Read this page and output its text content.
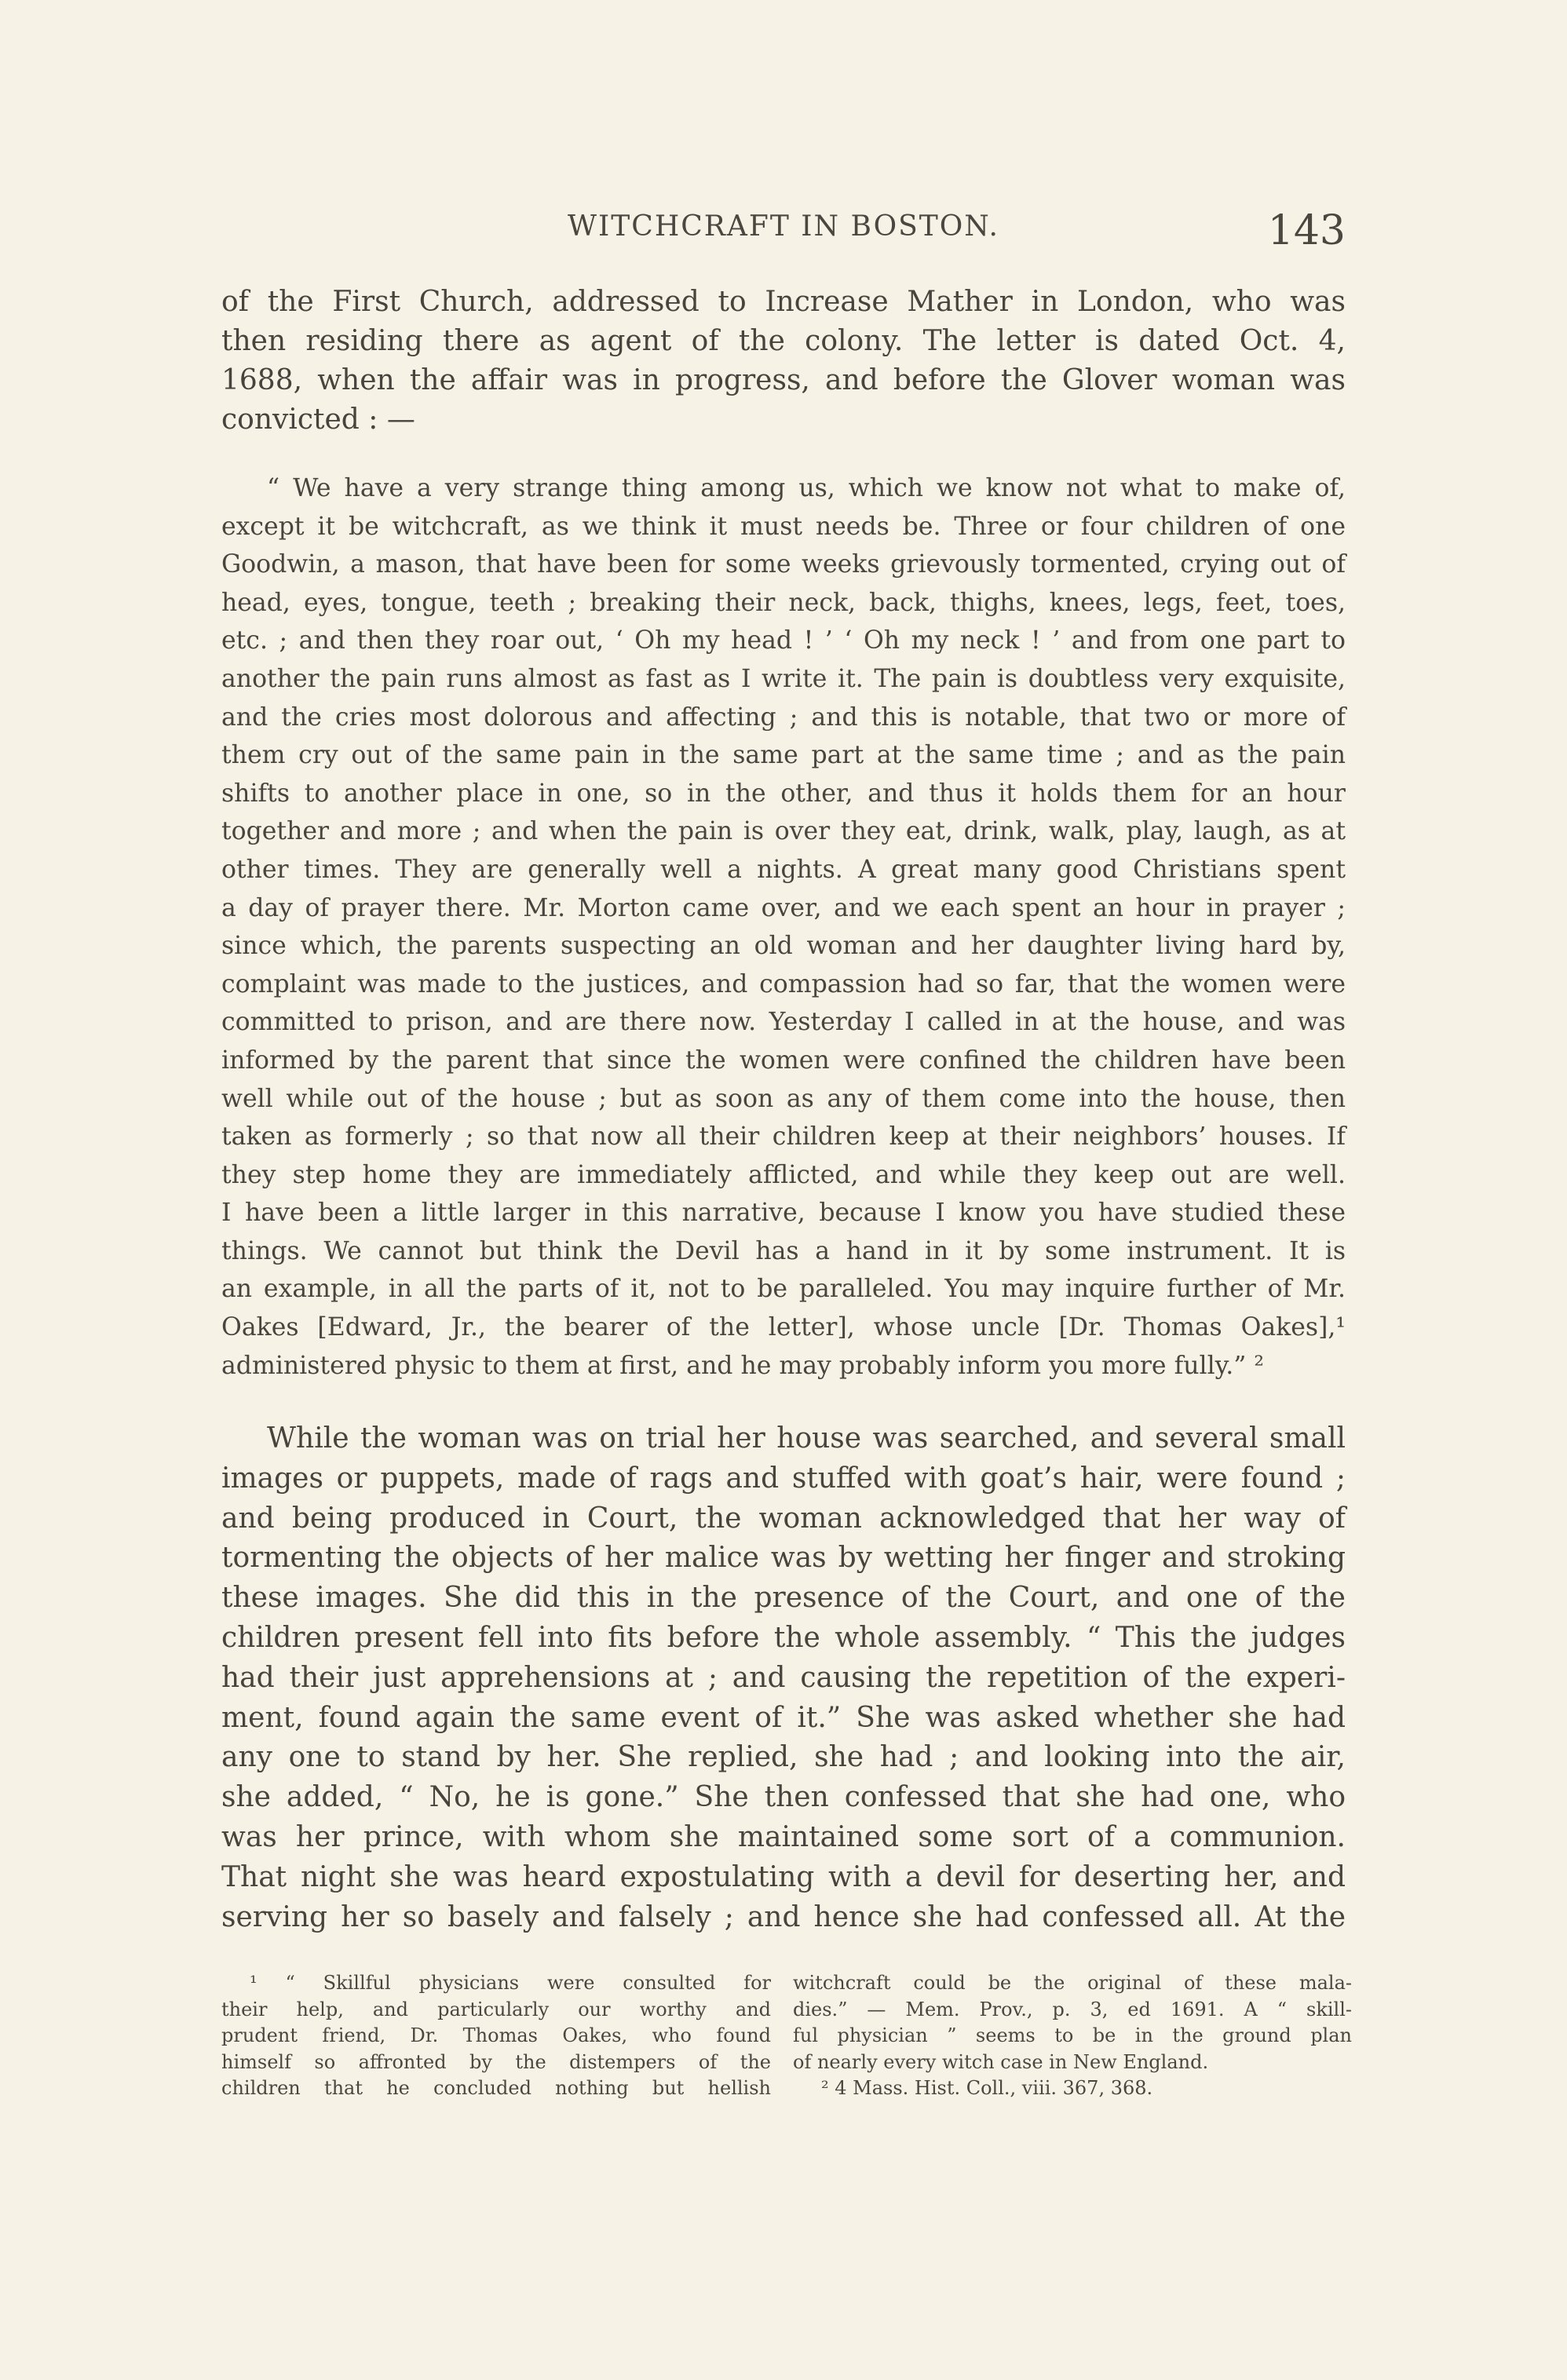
WITCHCRAFT IN BOSTON.	143
of the First Church, addressed to Increase Mather in London, who was
then residing there as agent of the colony. The letter is dated Oct. 4,
1688, when the affair was in progress, and before the Glover woman was
convicted : —
“ We have a very strange thing among us, which we know not what to make of,
except it be witchcraft, as we think it must needs be. Three or four children of one
Goodwin, a mason, that have been for some weeks grievously tormented, crying out of
head, eyes, tongue, teeth ; breaking their neck, back, thighs, knees, legs, feet, toes,
etc. ; and then they roar out, ‘ Oh my head ! ’ ‘ Oh my neck ! ’ and from one part to
another the pain runs almost as fast as I write it. The pain is doubtless very exquisite,
and the cries most dolorous and affecting ; and this is notable, that two or more of
them cry out of the same pain in the same part at the same time ; and as the pain
shifts to another place in one, so in the other, and thus it holds them for an hour
together and more ; and when the pain is over they eat, drink, walk, play, laugh, as at
other times. They are generally well a nights. A great many good Christians spent
a day of prayer there. Mr. Morton came over, and we each spent an hour in prayer ;
since which, the parents suspecting an old woman and her daughter living hard by,
complaint was made to the justices, and compassion had so far, that the women were
committed to prison, and are there now. Yesterday I called in at the house, and was
informed by the parent that since the women were confined the children have been
well while out of the house ; but as soon as any of them come into the house, then
taken as formerly ; so that now all their children keep at their neighbors’ houses. If
they step home they are immediately afflicted, and while they keep out are well.
I have been a little larger in this narrative, because I know you have studied these
things. We cannot but think the Devil has a hand in it by some instrument. It is
an example, in all the parts of it, not to be paralleled. You may inquire further of Mr.
Oakes [Edward, Jr., the bearer of the letter], whose uncle [Dr. Thomas Oakes],¹
administered physic to them at first, and he may probably inform you more fully.” ²
While the woman was on trial her house was searched, and several small
images or puppets, made of rags and stuffed with goat’s hair, were found ;
and being produced in Court, the woman acknowledged that her way of
tormenting the objects of her malice was by wetting her finger and stroking
these images. She did this in the presence of the Court, and one of the
children present fell into fits before the whole assembly. “ This the judges
had their just apprehensions at ; and causing the repetition of the experi-
ment, found again the same event of it.” She was asked whether she had
any one to stand by her. She replied, she had ; and looking into the air,
she added, “ No, he is gone.” She then confessed that she had one, who
was her prince, with whom she maintained some sort of a communion.
That night she was heard expostulating with a devil for deserting her, and
serving her so basely and falsely ; and hence she had confessed all. At the
¹ “ Skillful physicians were consulted for
their help, and particularly our worthy and
prudent friend, Dr. Thomas Oakes, who found
himself so affronted by the distempers of the
children that he concluded nothing but hellish
witchcraft could be the original of these mala-
dies.” — Mem. Prov., p. 3, ed 1691. A “ skill-
ful physician ” seems to be in the ground plan
of nearly every witch case in New England.
² 4 Mass. Hist. Coll., viii. 367, 368.
